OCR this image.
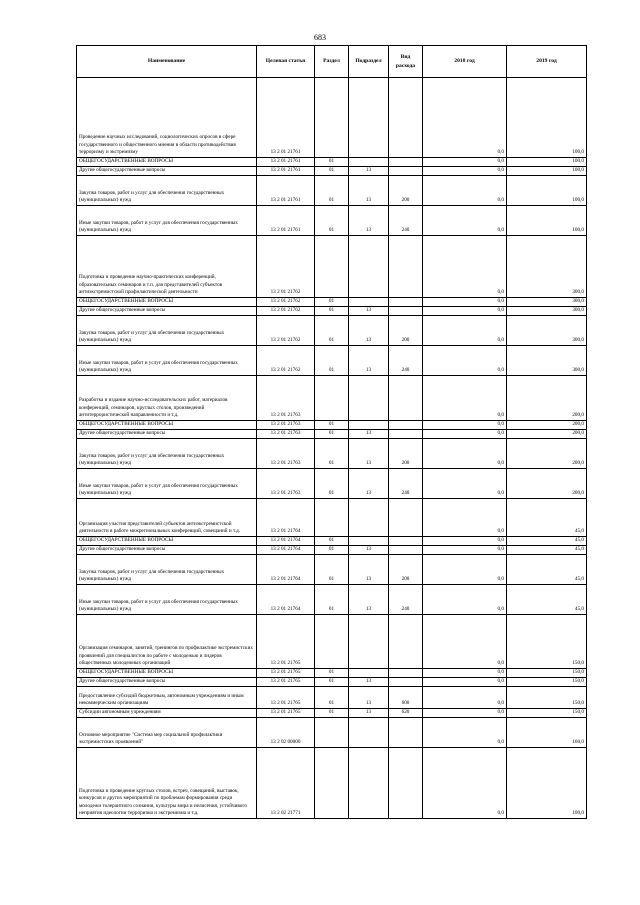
683
Наименование	Целевая статья	Раздел	Подраздел	Вид расхода	2018 год	2019 год
Проведение научных исследований, социологических опросов в сфере государственного и общественного мнения в области противодействия терроризму и экстремизму	13 2 01 21761				0,0	100,0
ОБЩЕГОСУДАРСТВЕННЫЕ ВОПРОСЫ	13 2 01 21761	01			0,0	100,0
Другие общегосударственные вопросы	13 2 01 21761	01	13		0,0	100,0
Закупка товаров, работ и услуг для обеспечения государственных (муниципальных) нужд	13 2 01 21761	01	13	200	0,0	100,0
Иные закупки товаров, работ и услуг для обеспечения государственных (муниципальных) нужд	13 2 01 21761	01	13	240	0,0	100,0
Подготовка и проведение научно-практических конференций, образовательных семинаров и т.п. для представителей субъектов антиэкстремистской профилактической деятельности	13 2 01 21762				0,0	300,0
ОБЩЕГОСУДАРСТВЕННЫЕ ВОПРОСЫ	13 2 01 21762	01			0,0	300,0
Другие общегосударственные вопросы	13 2 01 21762	01	13		0,0	300,0
Закупка товаров, работ и услуг для обеспечения государственных (муниципальных) нужд	13 2 01 21762	01	13	200	0,0	300,0
Иные закупки товаров, работ и услуг для обеспечения государственных (муниципальных) нужд	13 2 01 21762	01	13	240	0,0	300,0
Разработка и издание научно-исследовательских работ, материалов конференций, семинаров, круглых столов, произведений антитеррористической направленности и т.д.	13 2 01 21763				0,0	200,0
ОБЩЕГОСУДАРСТВЕННЫЕ ВОПРОСЫ	13 2 01 21763	01			0,0	200,0
Другие общегосударственные вопросы	13 2 01 21763	01	13		0,0	200,0
Закупка товаров, работ и услуг для обеспечения государственных (муниципальных) нужд	13 2 01 21763	01	13	200	0,0	200,0
Иные закупки товаров, работ и услуг для обеспечения государственных (муниципальных) нужд	13 2 01 21763	01	13	240	0,0	200,0
Организация участия представителей субъектов антиэкстремистской деятельности в работе межрегиональных конференций, совещаний и т.д.	13 2 01 21764				0,0	45,0
ОБЩЕГОСУДАРСТВЕННЫЕ ВОПРОСЫ	13 2 01 21764	01			0,0	45,0
Другие общегосударственные вопросы	13 2 01 21764	01	13		0,0	45,0
Закупка товаров, работ и услуг для обеспечения государственных (муниципальных) нужд	13 2 01 21764	01	13	200	0,0	45,0
Иные закупки товаров, работ и услуг для обеспечения государственных (муниципальных) нужд	13 2 01 21764	01	13	240	0,0	45,0
Организация семинаров, занятий, тренингов по профилактике экстремистских проявлений для специалистов по работе с молодежью и лидеров общественных молодежных организаций	13 2 01 21765				0,0	150,0
ОБЩЕГОСУДАРСТВЕННЫЕ ВОПРОСЫ	13 2 01 21765	01			0,0	150,0
Другие общегосударственные вопросы	13 2 01 21765	01	13		0,0	150,0
Предоставление субсидий бюджетным, автономным учреждениям и иным некоммерческим организациям	13 2 01 21765	01	13	600	0,0	150,0
Субсидии автономным учреждениям	13 2 01 21765	01	13	620	0,0	150,0
Основное мероприятие "Система мер социальной профилактики экстремистских проявлений"	13 2 02 00000				0,0	160,0
Подготовка и проведение круглых столов, встреч, совещаний, выставок, конкурсов и других мероприятий по проблемам формирования среди молодежи толерантного сознания, культуры мира и пелисения, устойчивого неприятия идеологии терроризма и экстремизма и т.д.	13 2 02 21771				0,0	100,0
